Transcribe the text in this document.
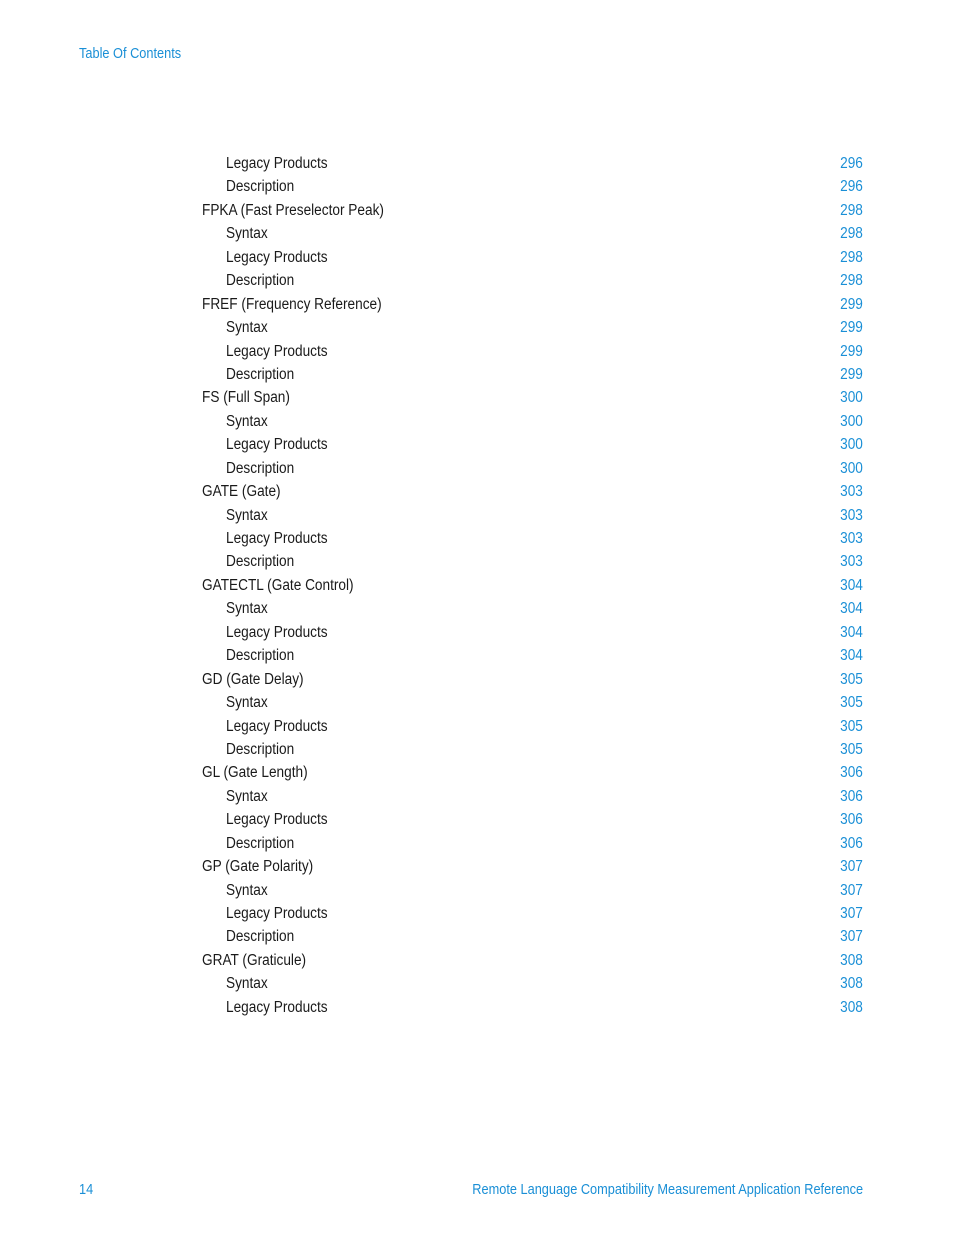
Table Of Contents
Legacy Products	296
Description	296
FPKA (Fast Preselector Peak)	298
Syntax	298
Legacy Products	298
Description	298
FREF (Frequency Reference)	299
Syntax	299
Legacy Products	299
Description	299
FS (Full Span)	300
Syntax	300
Legacy Products	300
Description	300
GATE (Gate)	303
Syntax	303
Legacy Products	303
Description	303
GATECTL (Gate Control)	304
Syntax	304
Legacy Products	304
Description	304
GD (Gate Delay)	305
Syntax	305
Legacy Products	305
Description	305
GL (Gate Length)	306
Syntax	306
Legacy Products	306
Description	306
GP (Gate Polarity)	307
Syntax	307
Legacy Products	307
Description	307
GRAT (Graticule)	308
Syntax	308
Legacy Products	308
14	Remote Language Compatibility Measurement Application Reference
